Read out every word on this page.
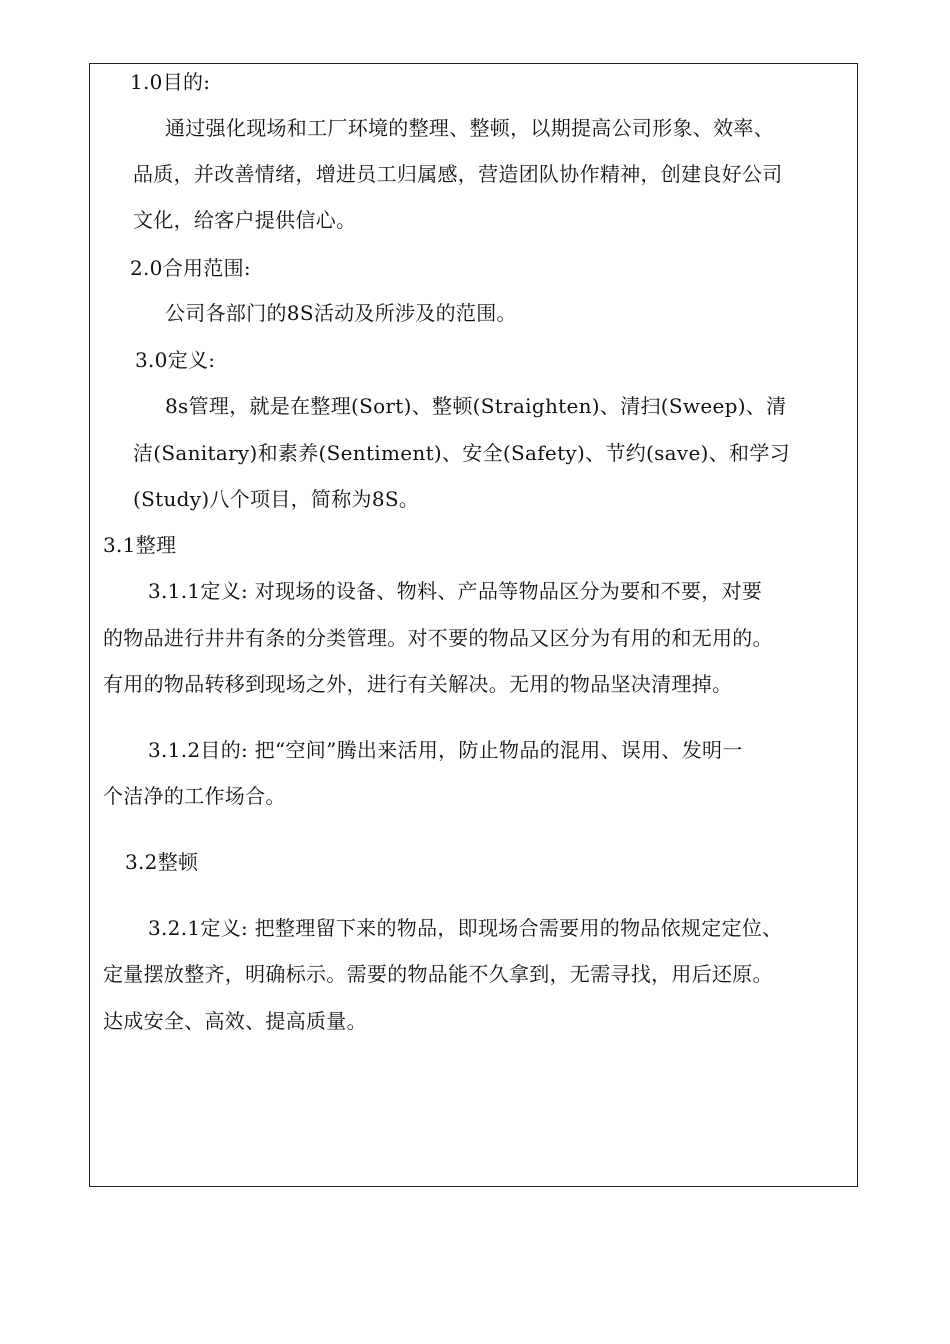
1.0目的:
通过强化现场和工厂环境的整理、整顿，以期提高公司形象、效率、
品质，并改善情绪，增进员工归属感，营造团队协作精神，创建良好公司
文化，给客户提供信心。
2.0合用范围:
公司各部门的8S活动及所涉及的范围。
3.0定义:
8s管理，就是在整理(Sort)、整顿(Straighten)、清扫(Sweep)、清
洁(Sanitary)和素养(Sentiment)、安全(Safety)、节约(save)、和学习
(Study)八个项目，简称为8S。
3.1整理
3.1.1定义: 对现场的设备、物料、产品等物品区分为要和不要，对要
的物品进行井井有条的分类管理。对不要的物品又区分为有用的和无用的。
有用的物品转移到现场之外，进行有关解决。无用的物品坚决清理掉。
3.1.2目的: 把“空间”腾出来活用，防止物品的混用、误用、发明一
个洁净的工作场合。
3.2整顿
3.2.1定义: 把整理留下来的物品，即现场合需要用的物品依规定定位、
定量摆放整齐，明确标示。需要的物品能不久拿到，无需寻找，用后还原。
达成安全、高效、提高质量。
